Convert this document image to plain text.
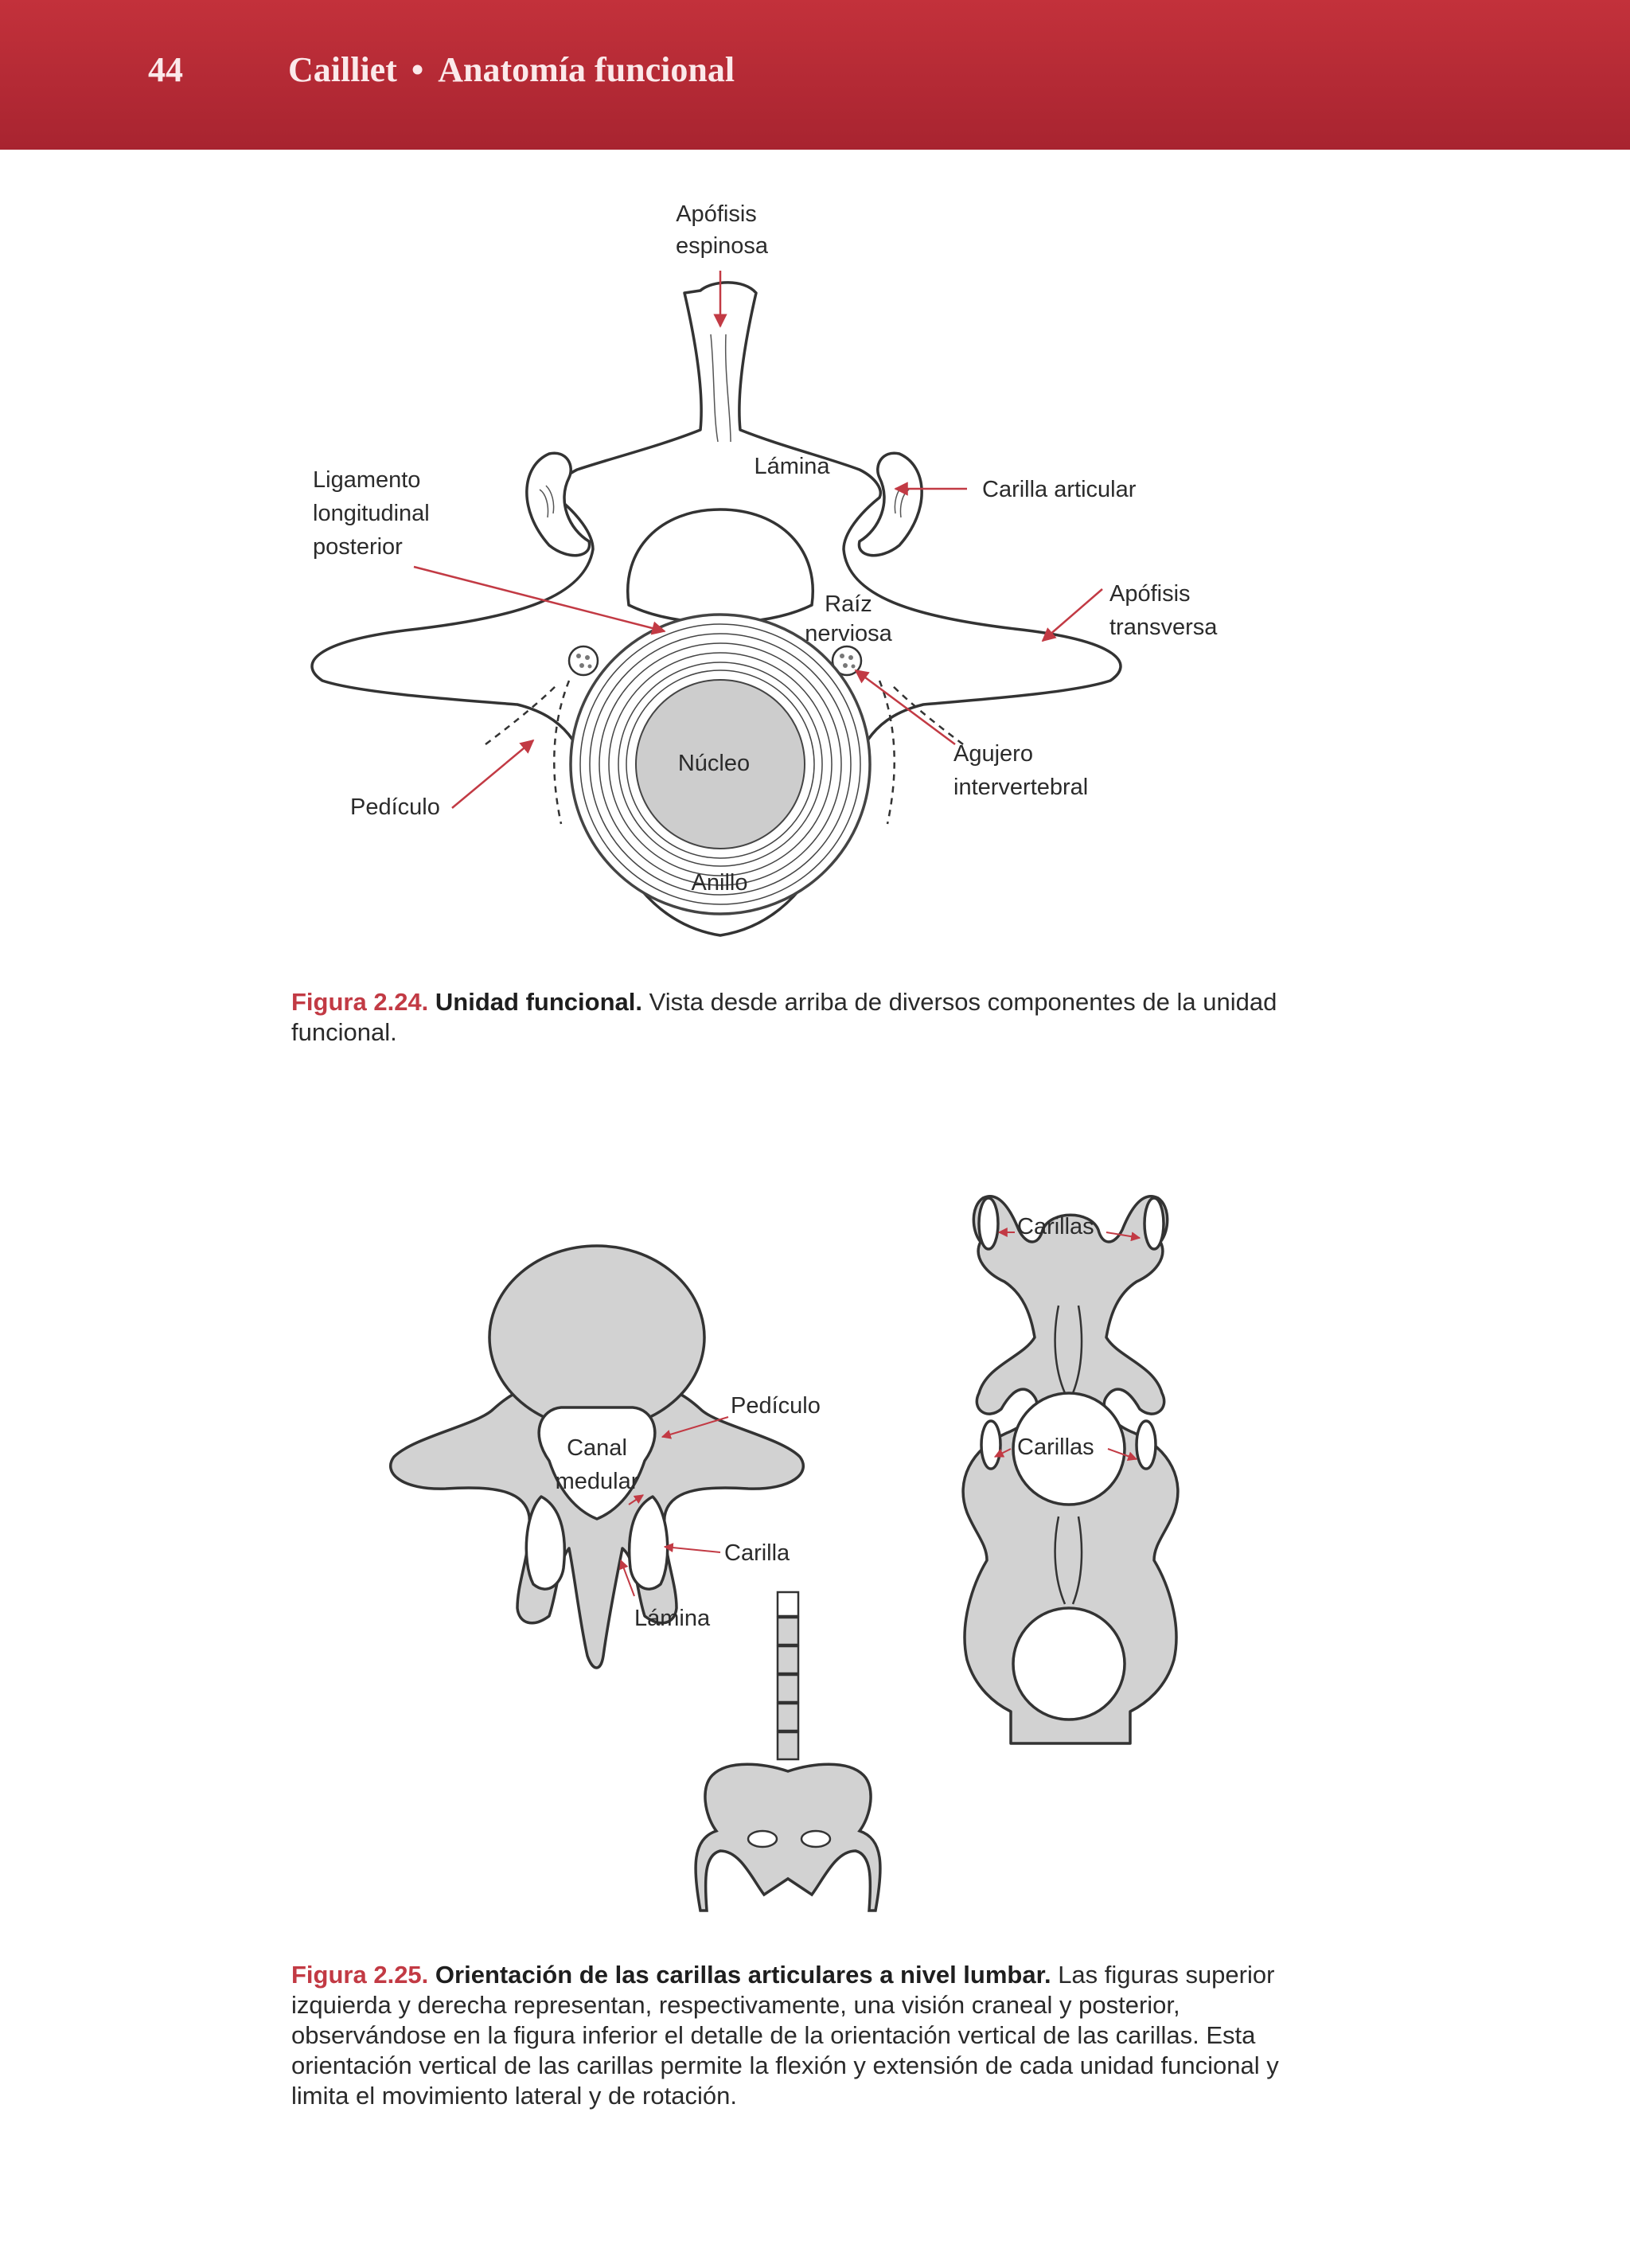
44	Cailliet • Anatomía funcional
Apófisis
espinosa
Lámina
Ligamento
longitudinal
posterior
Carilla articular
Apófisis
transversa
Raíz
nerviosa
Núcleo	Agujero
intervertebral
Pedículo
Anillo

Figura 2.24. Unidad funcional. Vista desde arriba de diversos componentes de la unidad funcional.

Pedículo
Canal
medular
Carilla
Lámina
Carillas
Carillas

Figura 2.25. Orientación de las carillas articulares a nivel lumbar. Las figuras superior izquierda y derecha representan, respectivamente, una visión craneal y posterior, observándose en la figura inferior el detalle de la orientación vertical de las carillas. Esta orientación vertical de las carillas permite la flexión y extensión de cada unidad funcional y limita el movimiento lateral y de rotación.
